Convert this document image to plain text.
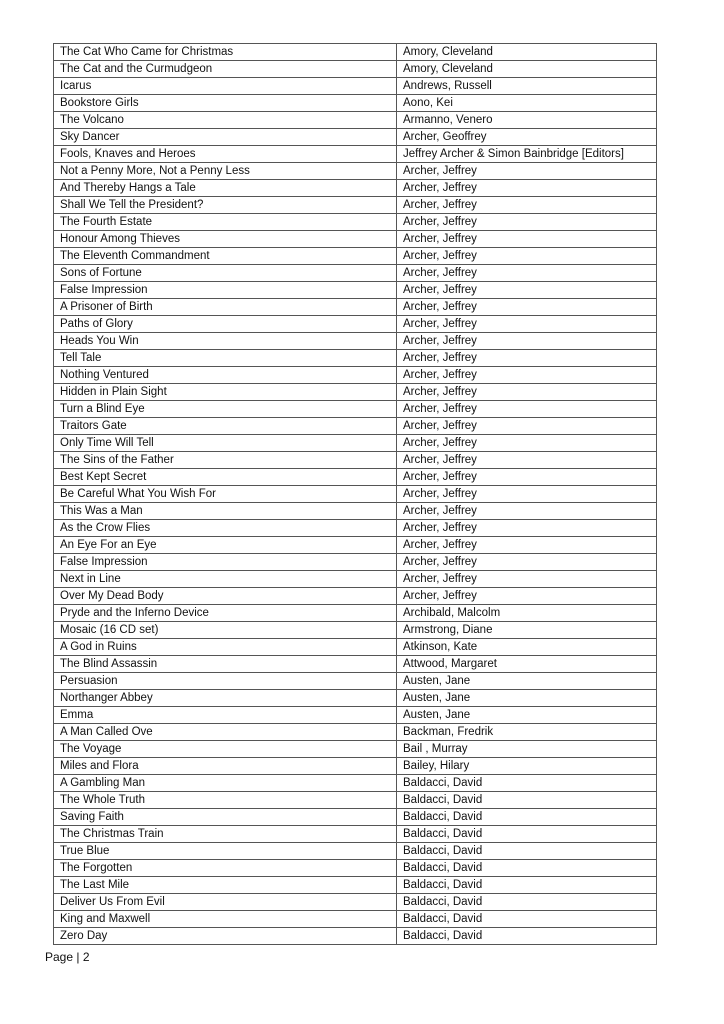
The Cat Who Came for Christmas	Amory, Cleveland
The Cat and the Curmudgeon	Amory, Cleveland
Icarus	Andrews, Russell
Bookstore Girls	Aono, Kei
The Volcano	Armanno, Venero
Sky Dancer	Archer, Geoffrey
Fools, Knaves and Heroes	Jeffrey Archer & Simon Bainbridge [Editors]
Not a Penny More, Not a Penny Less	Archer, Jeffrey
And Thereby Hangs a Tale	Archer, Jeffrey
Shall We Tell the President?	Archer, Jeffrey
The Fourth Estate	Archer, Jeffrey
Honour Among Thieves	Archer, Jeffrey
The Eleventh Commandment	Archer, Jeffrey
Sons of Fortune	Archer, Jeffrey
False Impression	Archer, Jeffrey
A Prisoner of Birth	Archer, Jeffrey
Paths of Glory	Archer, Jeffrey
Heads You Win	Archer, Jeffrey
Tell Tale	Archer, Jeffrey
Nothing Ventured	Archer, Jeffrey
Hidden in Plain Sight	Archer, Jeffrey
Turn a Blind Eye	Archer, Jeffrey
Traitors Gate	Archer, Jeffrey
Only Time Will Tell	Archer, Jeffrey
The Sins of the Father	Archer, Jeffrey
Best Kept Secret	Archer, Jeffrey
Be Careful What You Wish For	Archer, Jeffrey
This Was a Man	Archer, Jeffrey
As the Crow Flies	Archer, Jeffrey
An Eye For an Eye	Archer, Jeffrey
False Impression	Archer, Jeffrey
Next in Line	Archer, Jeffrey
Over My Dead Body	Archer, Jeffrey
Pryde and the Inferno Device	Archibald, Malcolm
Mosaic (16 CD set)	Armstrong, Diane
A God in Ruins	Atkinson, Kate
The Blind Assassin	Attwood, Margaret
Persuasion	Austen, Jane
Northanger Abbey	Austen, Jane
Emma	Austen, Jane
A Man Called Ove	Backman, Fredrik
The Voyage	Bail , Murray
Miles and Flora	Bailey, Hilary
A Gambling Man	Baldacci, David
The Whole Truth	Baldacci, David
Saving Faith	Baldacci, David
The Christmas Train	Baldacci, David
True Blue	Baldacci, David
The Forgotten	Baldacci, David
The Last Mile	Baldacci, David
Deliver Us From Evil	Baldacci, David
King and Maxwell	Baldacci, David
Zero Day	Baldacci, David
Page | 2
